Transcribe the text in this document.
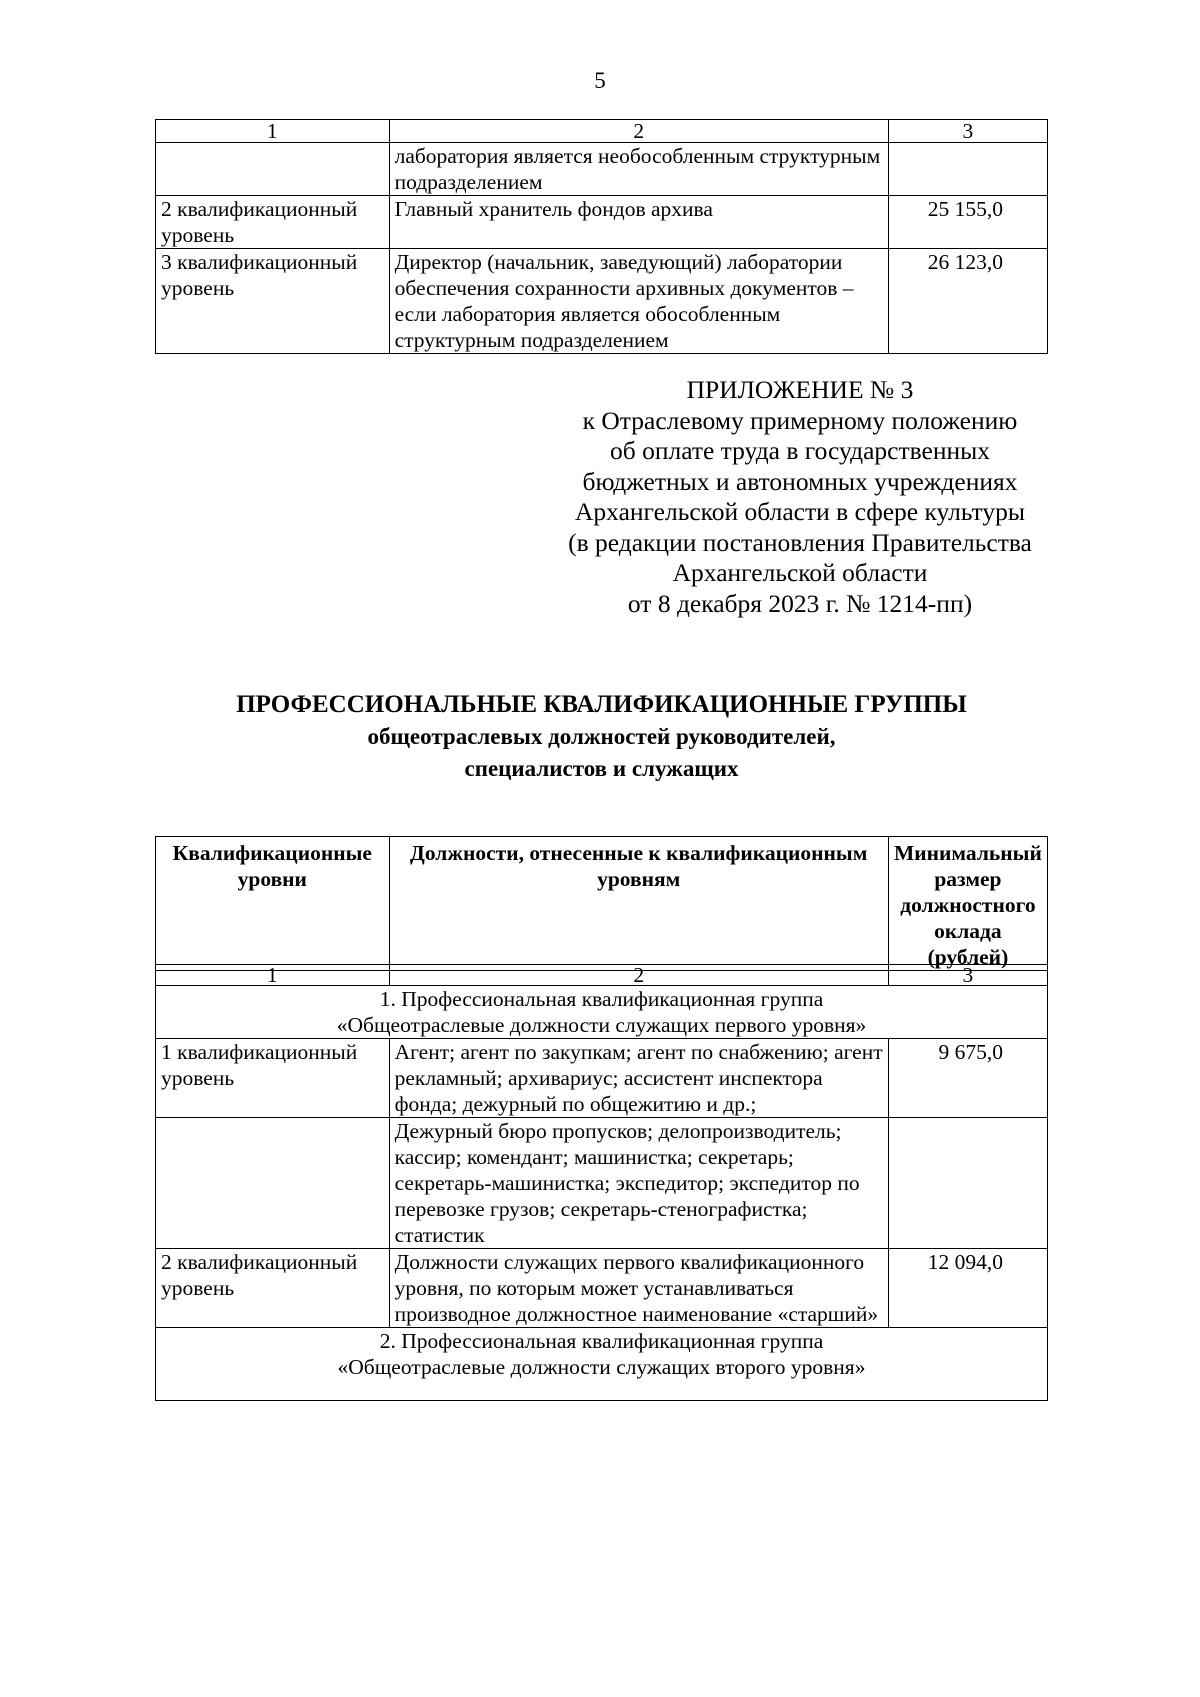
5
1	2	3
	лаборатория является необособленным структурным подразделением	
2 квалификационный уровень	Главный хранитель фондов архива	25 155,0
3 квалификационный уровень	Директор (начальник, заведующий) лаборатории обеспечения сохранности архивных документов – если лаборатория является обособленным структурным подразделением	26 123,0
ПРИЛОЖЕНИЕ № 3
к Отраслевому примерному положению
об оплате труда в государственных
бюджетных и автономных учреждениях
Архангельской области в сфере культуры
(в редакции постановления Правительства
Архангельской области
от 8 декабря 2023 г. № 1214-пп)
ПРОФЕССИОНАЛЬНЫЕ КВАЛИФИКАЦИОННЫЕ ГРУППЫ
общеотраслевых должностей руководителей,
специалистов и служащих
Квалификационные уровни	Должности, отнесенные к квалификационным уровням	Минимальный размер должностного оклада (рублей)
1	2	3

1. Профессиональная квалификационная группа
«Общеотраслевые должности служащих первого уровня»		

1 квалификационный уровень	Агент; агент по закупкам; агент по снабжению; агент рекламный; архивариус; ассистент инспектора фонда; дежурный по общежитию и др.;	9 675,0
	Дежурный бюро пропусков; делопроизводитель; кассир; комендант; машинистка; секретарь; секретарь-машинистка; экспедитор; экспедитор по перевозке грузов; секретарь-стенографистка; статистик	
2 квалификационный уровень	Должности служащих первого квалификационного уровня, по которым может устанавливаться производное должностное наименование «старший»	12 094,0

2. Профессиональная квалификационная группа
«Общеотраслевые должности служащих второго уровня»		
